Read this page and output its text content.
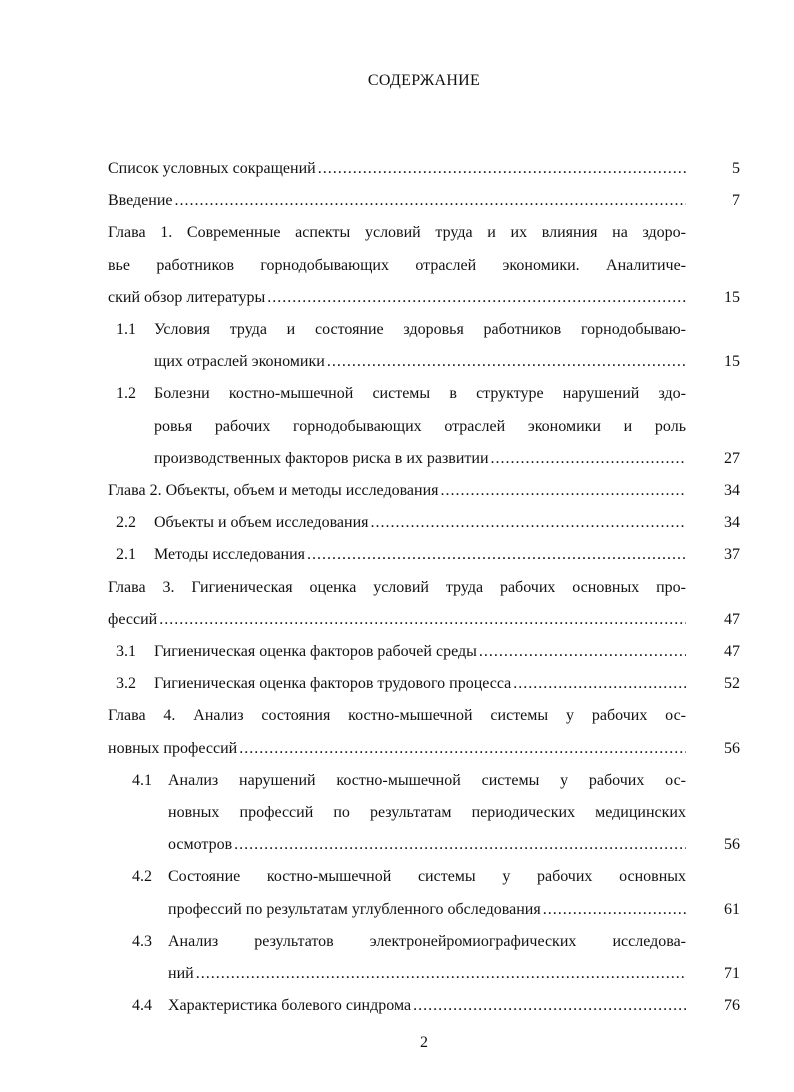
СОДЕРЖАНИЕ
Список условных сокращений .....	5
Введение .....	7
Глава 1. Современные аспекты условий труда и их влияния на здоро-
вье работников горнодобывающих отраслей экономики. Аналитиче-
ский обзор литературы .....	15
1.1 Условия труда и состояние здоровья работников горнодобываю-
щих отраслей экономики .....	15
1.2 Болезни костно-мышечной системы в структуре нарушений здо-
ровья рабочих горнодобывающих отраслей экономики и роль
производственных факторов риска в их развитии .....	27
Глава 2. Объекты, объем и методы исследования .....	34
2.2 Объекты и объем исследования .....	34
2.1 Методы исследования .....	37
Глава 3. Гигиеническая оценка условий труда рабочих основных про-
фессий .....	47
3.1 Гигиеническая оценка факторов рабочей среды .....	47
3.2 Гигиеническая оценка факторов трудового процесса .....	52
Глава 4. Анализ состояния костно-мышечной системы у рабочих ос-
новных профессий .....	56
4.1 Анализ нарушений костно-мышечной системы у рабочих ос-
новных профессий по результатам периодических медицинских
осмотров .....	56
4.2 Состояние костно-мышечной системы у рабочих основных
профессий по результатам углубленного обследования .....	61
4.3 Анализ результатов электронейромиографических исследова-
ний .....	71
4.4 Характеристика болевого синдрома .....	76
2
